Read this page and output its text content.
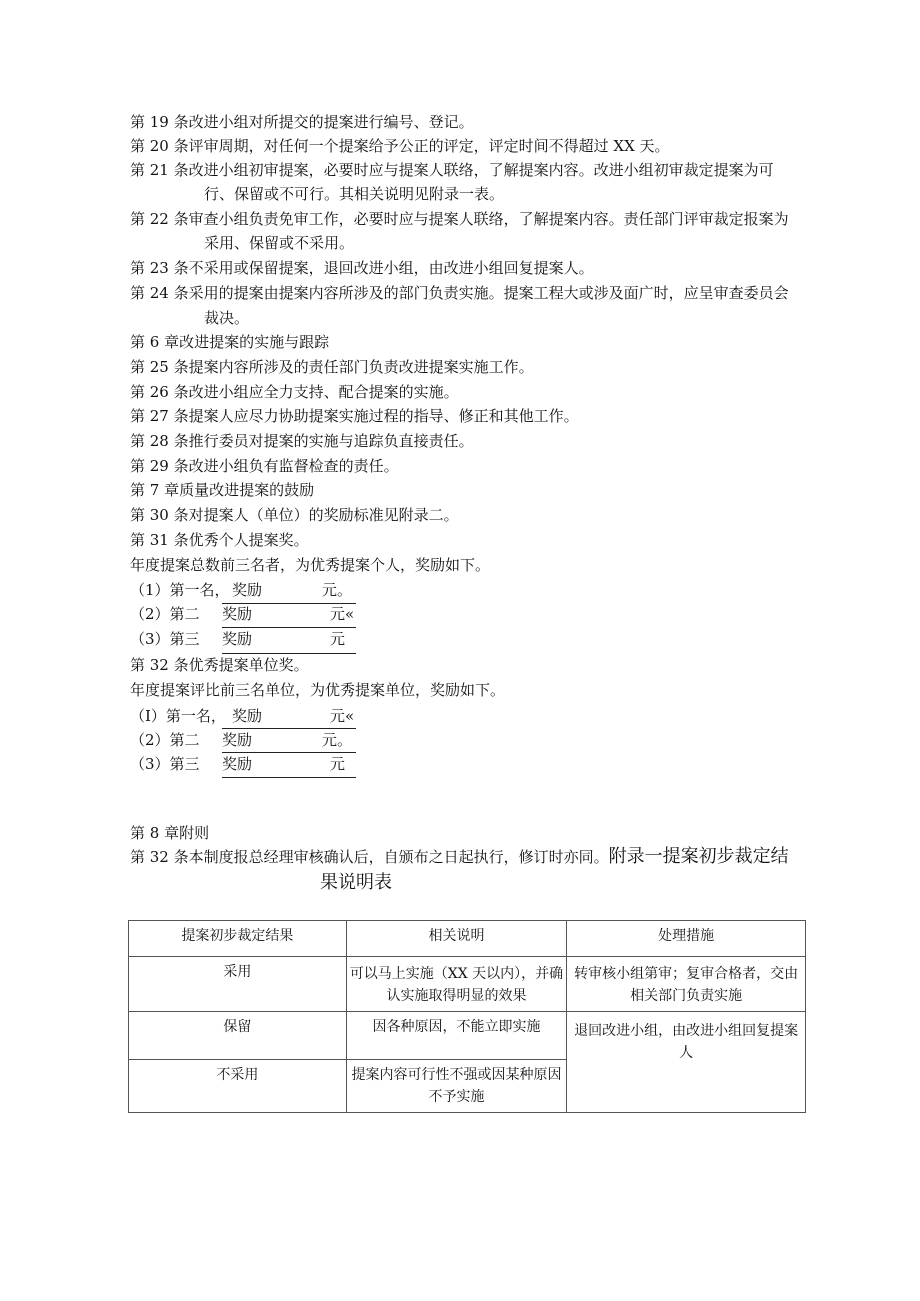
第 19 条改进小组对所提交的提案进行编号、登记。
第 20 条评审周期，对任何一个提案给予公正的评定，评定时间不得超过 XX 天。
第 21 条改进小组初审提案，必要时应与提案人联络，了解提案内容。改进小组初审裁定提案为可
行、保留或不可行。其相关说明见附录一表。
第 22 条审查小组负责免审工作，必要时应与提案人联络，了解提案内容。责任部门评审裁定报案为
采用、保留或不采用。
第 23 条不采用或保留提案，退回改进小组，由改进小组回复提案人。
第 24 条采用的提案由提案内容所涉及的部门负责实施。提案工程大或涉及面广时，应呈审查委员会
裁决。
第 6 章改进提案的实施与跟踪
第 25 条提案内容所涉及的责任部门负责改进提案实施工作。
第 26 条改进小组应全力支持、配合提案的实施。
第 27 条提案人应尽力协助提案实施过程的指导、修正和其他工作。
第 28 条推行委员对提案的实施与追踪负直接责任。
第 29 条改进小组负有监督检查的责任。
第 7 章质量改进提案的鼓励
第 30 条对提案人（单位）的奖励标准见附录二。
第 31 条优秀个人提案奖。
年度提案总数前三名者，为优秀提案个人，奖励如下。
（1）第一名， 奖励	元。
（2）第二 奖励	元«
（3）第三 奖励	元
第 32 条优秀提案单位奖。
年度提案评比前三名单位，为优秀提案单位，奖励如下。
（I）第一名， 奖励	元«
（2）第二 奖励	元。
（3）第三 奖励	元
第 8 章附则
第 32 条本制度报总经理审核确认后，自颁布之日起执行，修订时亦同。附录一提案初步裁定结
果说明表
提案初步裁定结果	相关说明	处理措施
采用	可以马上实施（XX 天以内），并确认实施取得明显的效果	转审核小组第审；复审合格者，交由相关部门负责实施
保留	因各种原因，不能立即实施	退回改进小组，由改进小组回复提案人
不采用	提案内容可行性不强或因某种原因不予实施	
